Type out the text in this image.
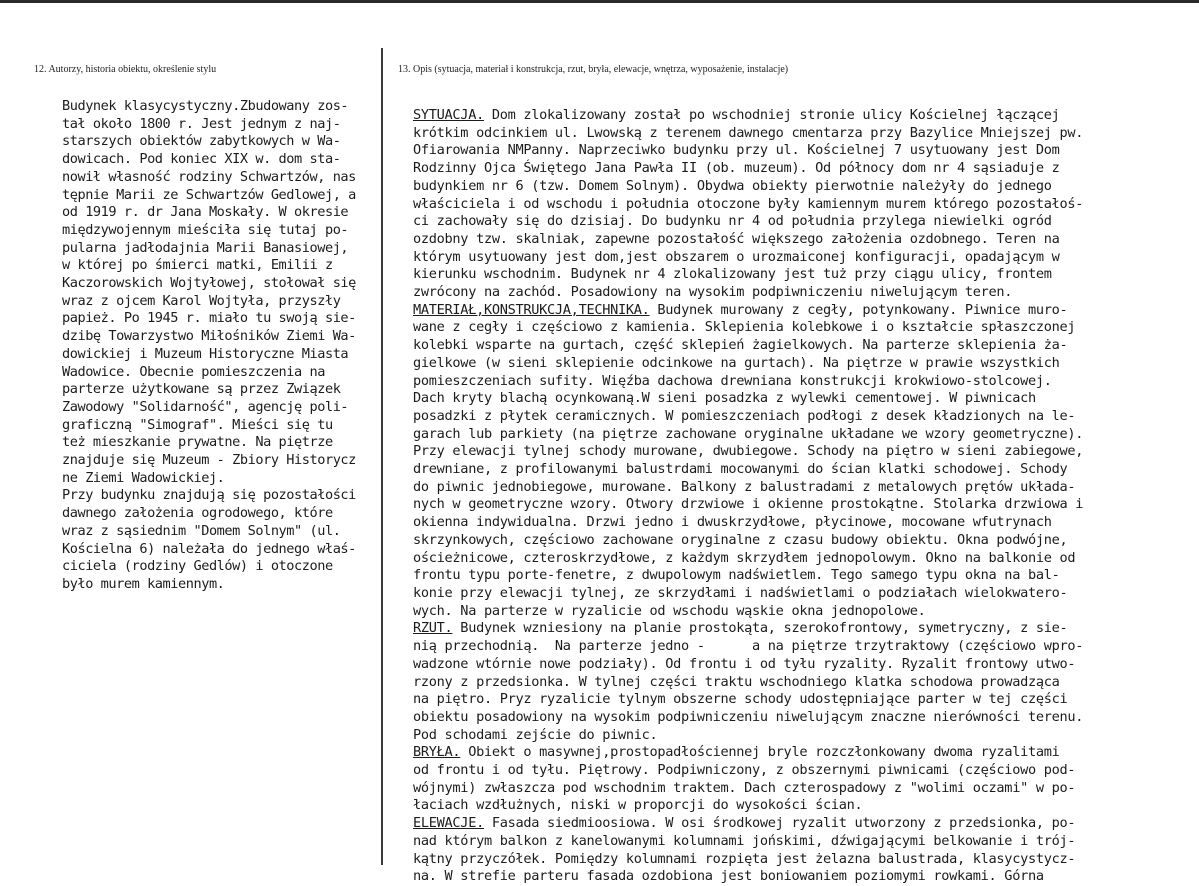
12. Autorzy, historia obiektu, określenie stylu	13. Opis (sytuacja, materiał i konstrukcja, rzut, bryła, elewacje, wnętrza, wyposażenie, instalacje)
Budynek klasycystyczny.Zbudowany zos-
tał około 1800 r. Jest jednym z naj-
starszych obiektów zabytkowych w Wa-
dowicach. Pod koniec XIX w. dom sta-
nowił własność rodziny Schwartzów, nas
tępnie Marii ze Schwartzów Gedlowej, a
od 1919 r. dr Jana Moskały. W okresie
międzywojennym mieściła się tutaj po-
pularna jadłodajnia Marii Banasiowej,
w której po śmierci matki, Emilii z
Kaczorowskich Wojtyłowej, stołował się
wraz z ojcem Karol Wojtyła, przyszły
papież. Po 1945 r. miało tu swoją sie-
dzibę Towarzystwo Miłośników Ziemi Wa-
dowickiej i Muzeum Historyczne Miasta
Wadowice. Obecnie pomieszczenia na
parterze użytkowane są przez Związek
Zawodowy "Solidarność", agencję poli-
graficzną "Simograf". Mieści się tu
też mieszkanie prywatne. Na piętrze
znajduje się Muzeum - Zbiory Historycz
ne Ziemi Wadowickiej.
Przy budynku znajdują się pozostałości
dawnego założenia ogrodowego, które
wraz z sąsiednim "Domem Solnym" (ul.
Kościelna 6) należała do jednego właś-
ciciela (rodziny Gedlów) i otoczone
było murem kamiennym.
SYTUACJA. Dom zlokalizowany został po wschodniej stronie ulicy Kościelnej łączącej
krótkim odcinkiem ul. Lwowską z terenem dawnego cmentarza przy Bazylice Mniejszej pw.
Ofiarowania NMPanny. Naprzeciwko budynku przy ul. Kościelnej 7 usytuowany jest Dom
Rodzinny Ojca Świętego Jana Pawła II (ob. muzeum). Od północy dom nr 4 sąsiaduje z
budynkiem nr 6 (tzw. Domem Solnym). Obydwa obiekty pierwotnie należyły do jednego
właściciela i od wschodu i południa otoczone były kamiennym murem którego pozostałoś-
ci zachowały się do dzisiaj. Do budynku nr 4 od południa przylega niewielki ogród
ozdobny tzw. skalniak, zapewne pozostałość większego założenia ozdobnego. Teren na
którym usytuowany jest dom,jest obszarem o urozmaiconej konfiguracji, opadającym w
kierunku wschodnim. Budynek nr 4 zlokalizowany jest tuż przy ciągu ulicy, frontem
zwrócony na zachód. Posadowiony na wysokim podpiwniczeniu niwelującym teren.
MATERIAŁ,KONSTRUKCJA,TECHNIKA. Budynek murowany z cegły, potynkowany. Piwnice muro-
wane z cegły i częściowo z kamienia. Sklepienia kolebkowe i o kształcie spłaszczonej
kolebki wsparte na gurtach, część sklepień żagielkowych. Na parterze sklepienia ża-
gielkowe (w sieni sklepienie odcinkowe na gurtach). Na piętrze w prawie wszystkich
pomieszczeniach sufity. Więźba dachowa drewniana konstrukcji krokwiowo-stolcowej.
Dach kryty blachą ocynkowaną.W sieni posadzka z wylewki cementowej. W piwnicach
posadzki z płytek ceramicznych. W pomieszczeniach podłogi z desek kładzionych na le-
garach lub parkiety (na piętrze zachowane oryginalne układane we wzory geometryczne).
Przy elewacji tylnej schody murowane, dwubiegowe. Schody na piętro w sieni zabiegowe,
drewniane, z profilowanymi balustrdami mocowanymi do ścian klatki schodowej. Schody
do piwnic jednobiegowe, murowane. Balkony z balustradami z metalowych prętów układa-
nych w geometryczne wzory. Otwory drzwiowe i okienne prostokątne. Stolarka drzwiowa i
okienna indywidualna. Drzwi jedno i dwuskrzydłowe, płycinowe, mocowane wfutrynach
skrzynkowych, częściowo zachowane oryginalne z czasu budowy obiektu. Okna podwójne,
ościeżnicowe, czteroskrzydłowe, z każdym skrzydłem jednopolowym. Okno na balkonie od
frontu typu porte-fenetre, z dwupolowym nadświetlem. Tego samego typu okna na bal-
konie przy elewacji tylnej, ze skrzydłami i nadświetlami o podziałach wielokwaterо-
wych. Na parterze w ryzalicie od wschodu wąskie okna jednopolowe.
RZUT. Budynek wzniesiony na planie prostokąta, szerokofrontowy, symetryczny, z sie-
nią przechodnią.  Na parterze jedno -      a na piętrze trzytraktowy (częściowo wpro-
wadzone wtórnie nowe podziały). Od frontu i od tyłu ryzality. Ryzalit frontowy utwo-
rzony z przedsionka. W tylnej części traktu wschodniego klatka schodowa prowadząca
na piętro. Pryz ryzalicie tylnym obszerne schody udostępniające parter w tej części
obiektu posadowiony na wysokim podpiwniczeniu niwelującym znaczne nierówności terenu.
Pod schodami zejście do piwnic.
BRYŁA. Obiekt o masywnej,prostopadłościennej bryle rozczłonkowany dwoma ryzalitami
od frontu i od tyłu. Piętrowy. Podpiwniczony, z obszernymi piwnicami (częściowo pod-
wójnymi) zwłaszcza pod wschodnim traktem. Dach czterospadowy z "wolimi oczami" w po-
łaciach wzdłużnych, niski w proporcji do wysokości ścian.
ELEWACJE. Fasada siedmioosiowa. W osi środkowej ryzalit utworzony z przedsionka, po-
nad którym balkon z kanelowanymi kolumnami jońskimi, dźwigającymi belkowanie i trój-
kątny przyczółek. Pomiędzy kolumnami rozpięta jest żelazna balustrada, klasycystycz-
na. W strefie parteru fasada ozdobiona jest boniowaniem poziomymi rowkami. Górna
